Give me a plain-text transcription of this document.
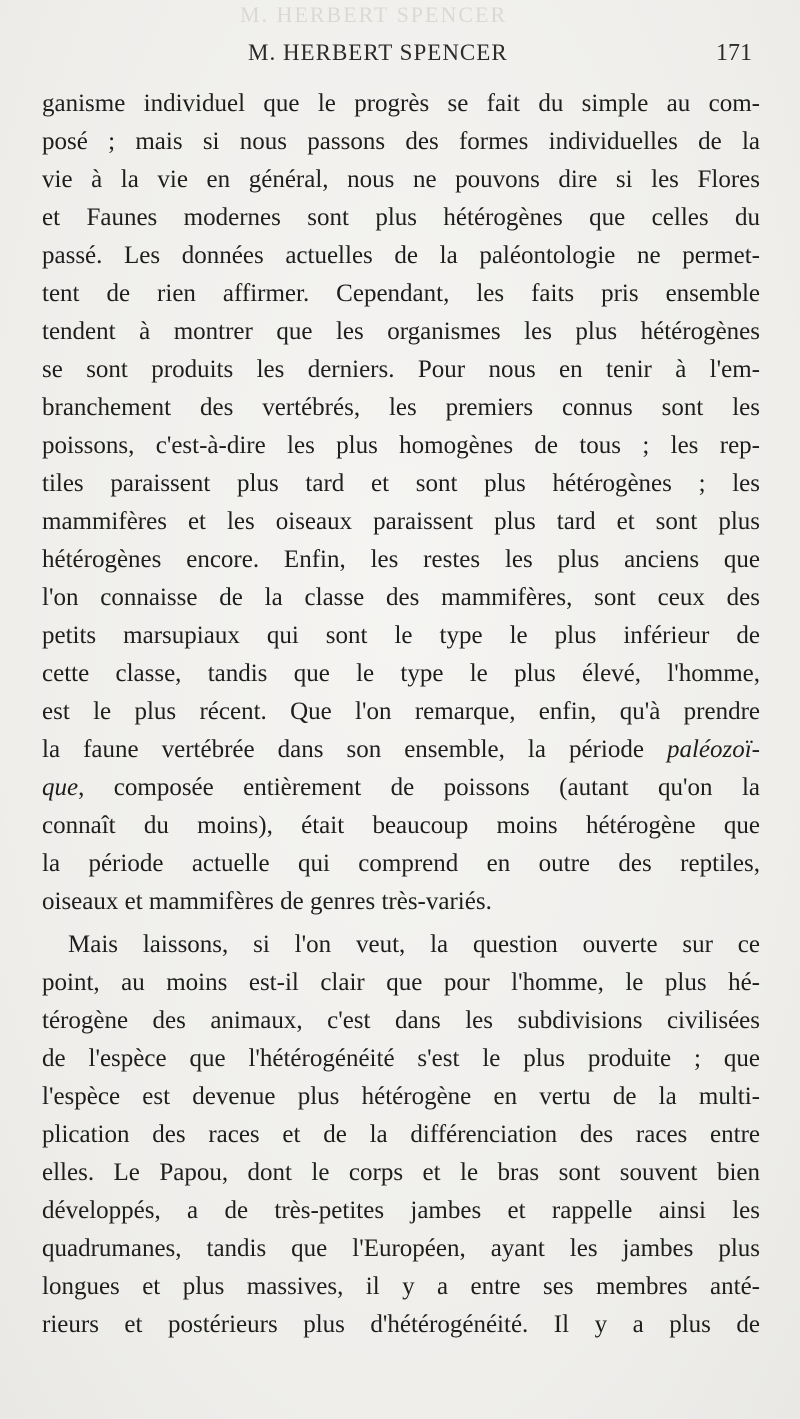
M. HERBERT SPENCER
M. HERBERT SPENCER	171
ganisme individuel que le progrès se fait du simple au com-
posé ; mais si nous passons des formes individuelles de la
vie à la vie en général, nous ne pouvons dire si les Flores
et Faunes modernes sont plus hétérogènes que celles du
passé. Les données actuelles de la paléontologie ne permet-
tent de rien affirmer. Cependant, les faits pris ensemble
tendent à montrer que les organismes les plus hétérogènes
se sont produits les derniers. Pour nous en tenir à l'em-
branchement des vertébrés, les premiers connus sont les
poissons, c'est-à-dire les plus homogènes de tous ; les rep-
tiles paraissent plus tard et sont plus hétérogènes ; les
mammifères et les oiseaux paraissent plus tard et sont plus
hétérogènes encore. Enfin, les restes les plus anciens que
l'on connaisse de la classe des mammifères, sont ceux des
petits marsupiaux qui sont le type le plus inférieur de
cette classe, tandis que le type le plus élevé, l'homme,
est le plus récent. Que l'on remarque, enfin, qu'à prendre
la faune vertébrée dans son ensemble, la période paléozoï-
que, composée entièrement de poissons (autant qu'on la
connaît du moins), était beaucoup moins hétérogène que
la période actuelle qui comprend en outre des reptiles,
oiseaux et mammifères de genres très-variés.
Mais laissons, si l'on veut, la question ouverte sur ce
point, au moins est-il clair que pour l'homme, le plus hé-
térogène des animaux, c'est dans les subdivisions civilisées
de l'espèce que l'hétérogénéité s'est le plus produite ; que
l'espèce est devenue plus hétérogène en vertu de la multi-
plication des races et de la différenciation des races entre
elles. Le Papou, dont le corps et le bras sont souvent bien
développés, a de très-petites jambes et rappelle ainsi les
quadrumanes, tandis que l'Européen, ayant les jambes plus
longues et plus massives, il y a entre ses membres anté-
rieurs et postérieurs plus d'hétérogénéité. Il y a plus de
